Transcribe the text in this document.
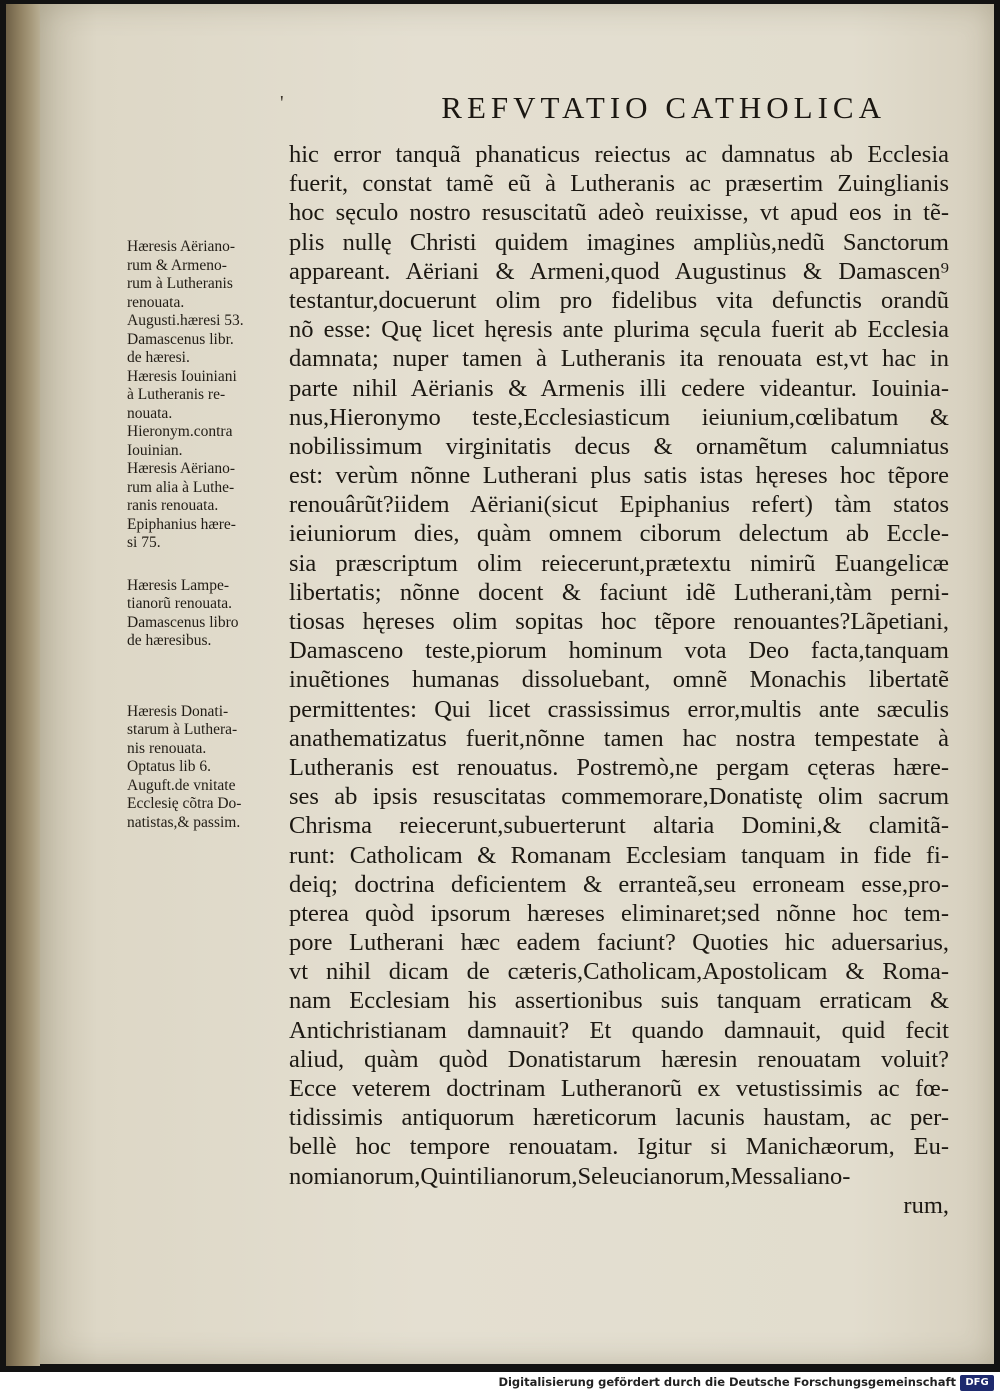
'	REFVTATIO CATHOLICA
Hæresis Aëriano-
rum & Armeno-
rum à Lutheranis
renouata.
Augusti.hæresi 53.
Damascenus libr.
de hæresi.
Hæresis Iouiniani
à Lutheranis re-
nouata.
Hieronym.contra
Iouinian.
Hæresis Aëriano-
rum alia à Luthe-
ranis renouata.
Epiphanius hære-
si 75.
Hæresis Lampe-
tianorũ renouata.
Damascenus libro
de hæresibus.
Hæresis Donati-
starum à Luthera-
nis renouata.
Optatus lib 6.
Auguft.de vnitate
Ecclesię cõtra Do-
natistas,& passim.
hic error tanquã phanaticus reiectus ac damnatus ab Ecclesia
fuerit, constat tamẽ eũ à Lutheranis ac præsertim Zuinglianis
hoc sęculo nostro resuscitatũ adeò reuixisse, vt apud eos in tẽ-
plis nullę Christi quidem imagines ampliùs,nedũ Sanctorum
appareant. Aëriani & Armeni,quod Augustinus & Damascen⁹
testantur,docuerunt olim pro fidelibus vita defunctis orandũ
nõ esse: Quę licet hęresis ante plurima sęcula fuerit ab Ecclesia
damnata; nuper tamen à Lutheranis ita renouata est,vt hac in
parte nihil Aërianis & Armenis illi cedere videantur. Iouinia-
nus,Hieronymo teste,Ecclesiasticum ieiunium,cœlibatum &
nobilissimum virginitatis decus & ornamẽtum calumniatus
est: verùm nõnne Lutherani plus satis istas hęreses hoc tẽpore
renouârũt?iidem Aëriani(sicut Epiphanius refert) tàm statos
ieiuniorum dies, quàm omnem ciborum delectum ab Eccle-
sia præscriptum olim reiecerunt,prætextu nimirũ Euangelicæ
libertatis; nõnne docent & faciunt idẽ Lutherani,tàm perni-
tiosas hęreses olim sopitas hoc tẽpore renouantes?Lãpetiani,
Damasceno teste,piorum hominum vota Deo facta,tanquam
inuẽtiones humanas dissoluebant, omnẽ Monachis libertatẽ
permittentes: Qui licet crassissimus error,multis ante sæculis
anathematizatus fuerit,nõnne tamen hac nostra tempestate à
Lutheranis est renouatus. Postremò,ne pergam cęteras hære-
ses ab ipsis resuscitatas commemorare,Donatistę olim sacrum
Chrisma reiecerunt,subuerterunt altaria Domini,& clamitã-
runt: Catholicam & Romanam Ecclesiam tanquam in fide fi-
deiq; doctrina deficientem & erranteã,seu erroneam esse,pro-
pterea quòd ipsorum hæreses eliminaret;sed nõnne hoc tem-
pore Lutherani hæc eadem faciunt? Quoties hic aduersarius,
vt nihil dicam de cæteris,Catholicam,Apostolicam & Roma-
nam Ecclesiam his assertionibus suis tanquam erraticam &
Antichristianam damnauit? Et quando damnauit, quid fecit
aliud, quàm quòd Donatistarum hæresin renouatam voluit?
Ecce veterem doctrinam Lutheranorũ ex vetustissimis ac fœ-
tidissimis antiquorum hæreticorum lacunis haustam, ac per-
bellè hoc tempore renouatam. Igitur si Manichæorum, Eu-
nomianorum,Quintilianorum,Seleucianorum,Messaliano-
rum,
Digitalisierung gefördert durch die Deutsche Forschungsgemeinschaft DFG
